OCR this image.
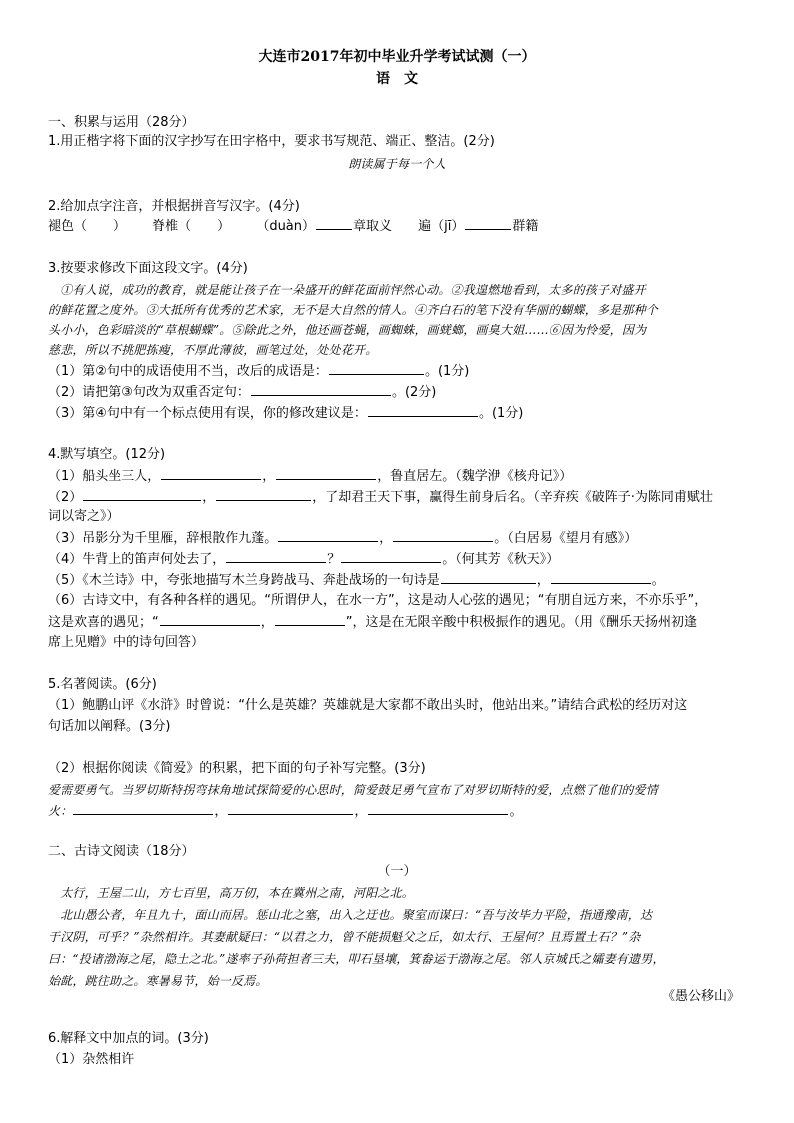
大连市2017年初中毕业升学考试试测（一）
语　文
一、积累与运用（28分）
1.用正楷字将下面的汉字抄写在田字格中，要求书写规范、端正、整洁。(2分)
朗读属于每一个人
2.给加点字注音，并根据拼音写汉字。(4分)
褪色（　　） 脊椎（　　） （duàn）	章取义 遍（jī）	群籍
3.按要求修改下面这段文字。(4分)
　①有人说，成功的教育，就是能让孩子在一朵盛开的鲜花面前怦然心动。②我遑燃地看到，太多的孩子对盛开
的鲜花置之度外。③大抵所有优秀的艺术家，无不是大自然的情人。④齐白石的笔下没有华丽的蝴蝶，多是那种个
头小小，色彩暗淡的“草根蝴蝶”。⑤除此之外，他还画苍蝇，画蜘蛛，画蜣螂，画臭大姐……⑥因为怜爱，因为
慈悲，所以不挑肥拣瘦，不厚此薄彼，画笔过处，处处花开。
（1）第②句中的成语使用不当，改后的成语是：	。(1分)
（2）请把第③句改为双重否定句：	。(2分)
（3）第④句中有一个标点使用有误，你的修改建议是：	。(1分)
4.默写填空。(12分)
（1）船头坐三人，	，	，鲁直居左。（魏学洢《核舟记》）
（2）	，	，了却君王天下事，赢得生前身后名。（辛弃疾《破阵子·为陈同甫赋壮
词以寄之》）
（3）吊影分为千里雁，辞根散作九蓬。	，	。（白居易《望月有感》）
（4）牛背上的笛声何处去了，	？	。（何其芳《秋天》）
（5）《木兰诗》中，夸张地描写木兰身跨战马、奔赴战场的一句诗是	，	。
（6）古诗文中，有各种各样的遇见。“所谓伊人，在水一方”，这是动人心弦的遇见；“有朋自远方来，不亦乐乎”，
这是欢喜的遇见；“	，	”，这是在无限辛酸中积极振作的遇见。（用《酬乐天扬州初逢
席上见赠》中的诗句回答）
5.名著阅读。(6分)
（1）鲍鹏山评《水浒》时曾说：“什么是英雄？英雄就是大家都不敢出头时，他站出来。”请结合武松的经历对这
句话加以阐释。(3分)
（2）根据你阅读《简爱》的积累，把下面的句子补写完整。(3分)
爱需要勇气。当罗切斯特拐弯抹角地试探简爱的心思时，简爱鼓足勇气宣布了对罗切斯特的爱，点燃了他们的爱情
火：	，	，	。
二、古诗文阅读（18分）
（一）
　太行，王屋二山，方七百里，高万仞，本在冀州之南，河阳之北。
　北山愚公者，年且九十，面山而居。惩山北之塞，出入之迂也。聚室而谋曰：“吾与汝毕力平险，指通豫南，达
于汉阴，可乎？”杂然相许。其妻献疑曰：“以君之力，曾不能损魁父之丘，如太行、王屋何？且焉置土石？”杂
曰：“投诸渤海之尾，隐土之北。”遂率子孙荷担者三夫，叩石垦壤，箕畚运于渤海之尾。邻人京城氏之孀妻有遗男，
始龀，跳往助之。寒暑易节，始一反焉。
《愚公移山》
6.解释文中加点的词。(3分)
（1）杂然相许
